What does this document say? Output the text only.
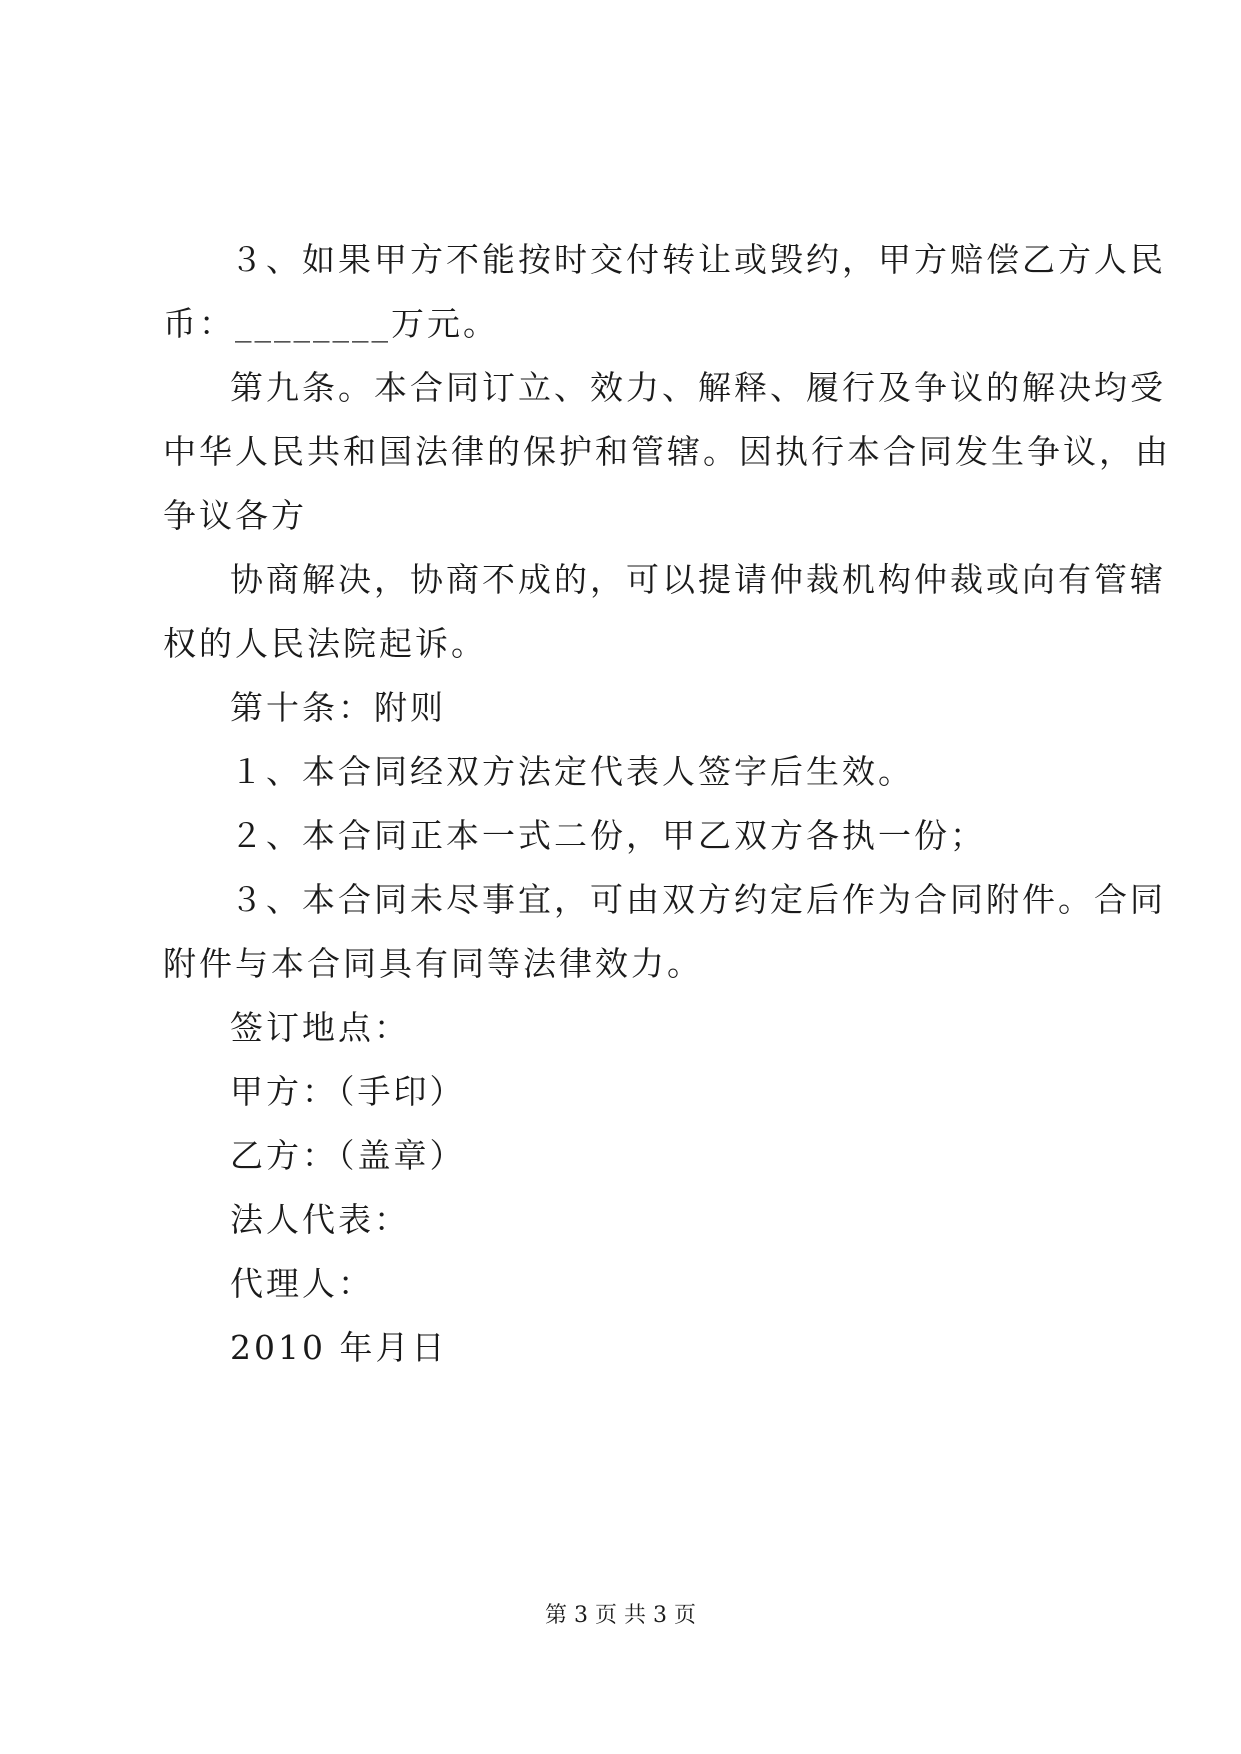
３、如果甲方不能按时交付转让或毁约，甲方赔偿乙方人民
币：________万元。
第九条。本合同订立、效力、解释、履行及争议的解决均受
中华人民共和国法律的保护和管辖。因执行本合同发生争议，由
争议各方
协商解决，协商不成的，可以提请仲裁机构仲裁或向有管辖
权的人民法院起诉。
第十条：附则
１、本合同经双方法定代表人签字后生效。
２、本合同正本一式二份，甲乙双方各执一份；
３、本合同未尽事宜，可由双方约定后作为合同附件。合同
附件与本合同具有同等法律效力。
签订地点：
甲方：（手印）
乙方：（盖章）
法人代表：
代理人：
2010 年月日
第 3 页 共 3 页
